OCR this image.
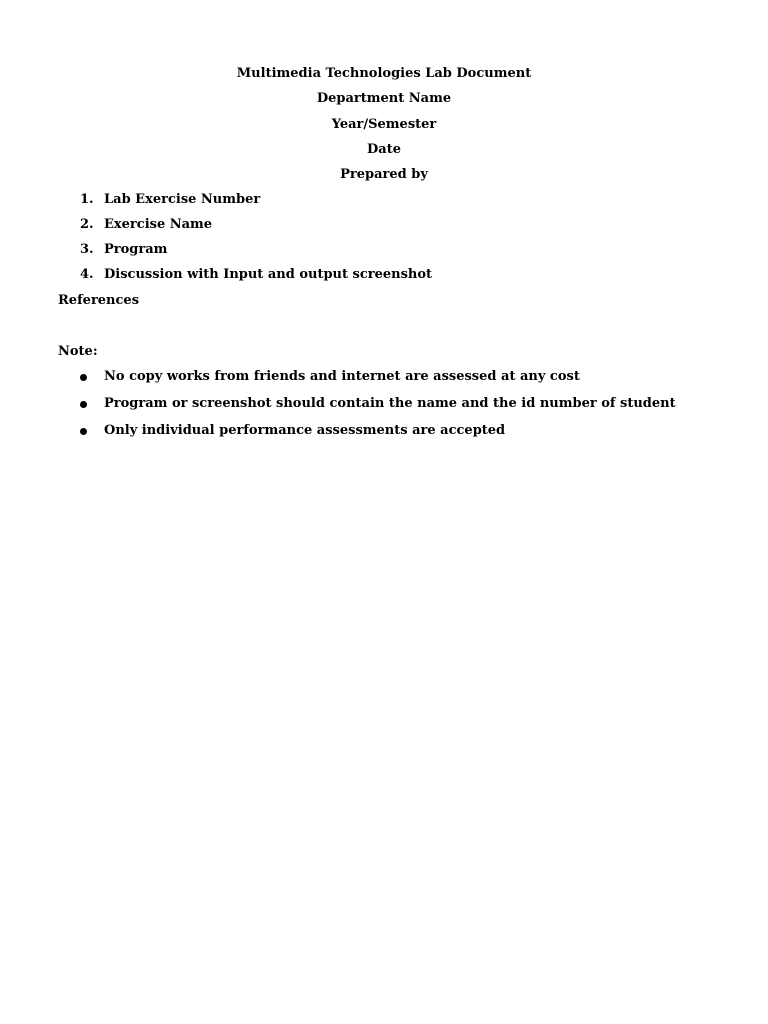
Multimedia Technologies Lab Document
Department Name
Year/Semester
Date
Prepared by
1. Lab Exercise Number
2. Exercise Name
3. Program
4. Discussion with Input and output screenshot
References
Note:
No copy works from friends and internet are assessed at any cost
Program or screenshot should contain the name and the id number of student
Only individual performance assessments are accepted
